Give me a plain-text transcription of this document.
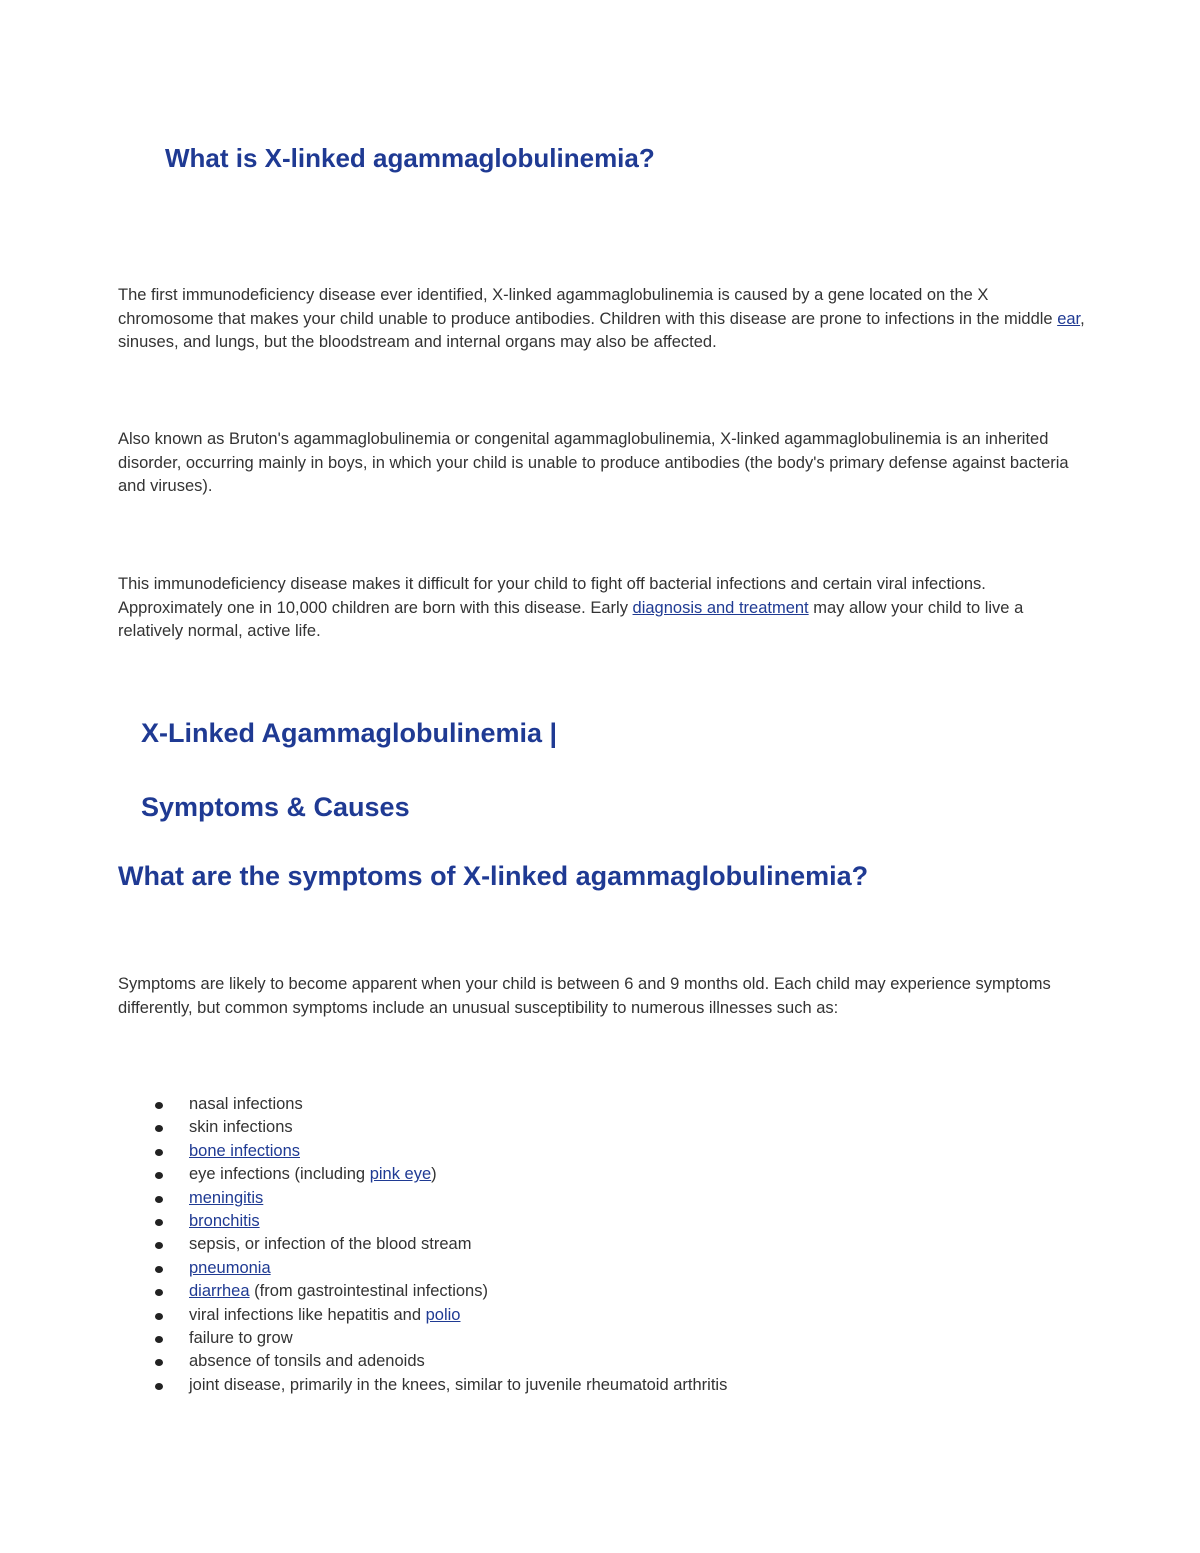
What is X-linked agammaglobulinemia?

The first immunodeficiency disease ever identified, X-linked agammaglobulinemia is caused by a gene located on the X chromosome that makes your child unable to produce antibodies. Children with this disease are prone to infections in the middle ear, sinuses, and lungs, but the bloodstream and internal organs may also be affected.

Also known as Bruton's agammaglobulinemia or congenital agammaglobulinemia, X-linked agammaglobulinemia is an inherited disorder, occurring mainly in boys, in which your child is unable to produce antibodies (the body's primary defense against bacteria and viruses).

This immunodeficiency disease makes it difficult for your child to fight off bacterial infections and certain viral infections. Approximately one in 10,000 children are born with this disease. Early diagnosis and treatment may allow your child to live a relatively normal, active life.

X-Linked Agammaglobulinemia |
Symptoms & Causes
What are the symptoms of X-linked agammaglobulinemia?

Symptoms are likely to become apparent when your child is between 6 and 9 months old. Each child may experience symptoms differently, but common symptoms include an unusual susceptibility to numerous illnesses such as:

nasal infections
skin infections
bone infections
eye infections (including pink eye)
meningitis
bronchitis
sepsis, or infection of the blood stream
pneumonia
diarrhea (from gastrointestinal infections)
viral infections like hepatitis and polio
failure to grow
absence of tonsils and adenoids
joint disease, primarily in the knees, similar to juvenile rheumatoid arthritis
